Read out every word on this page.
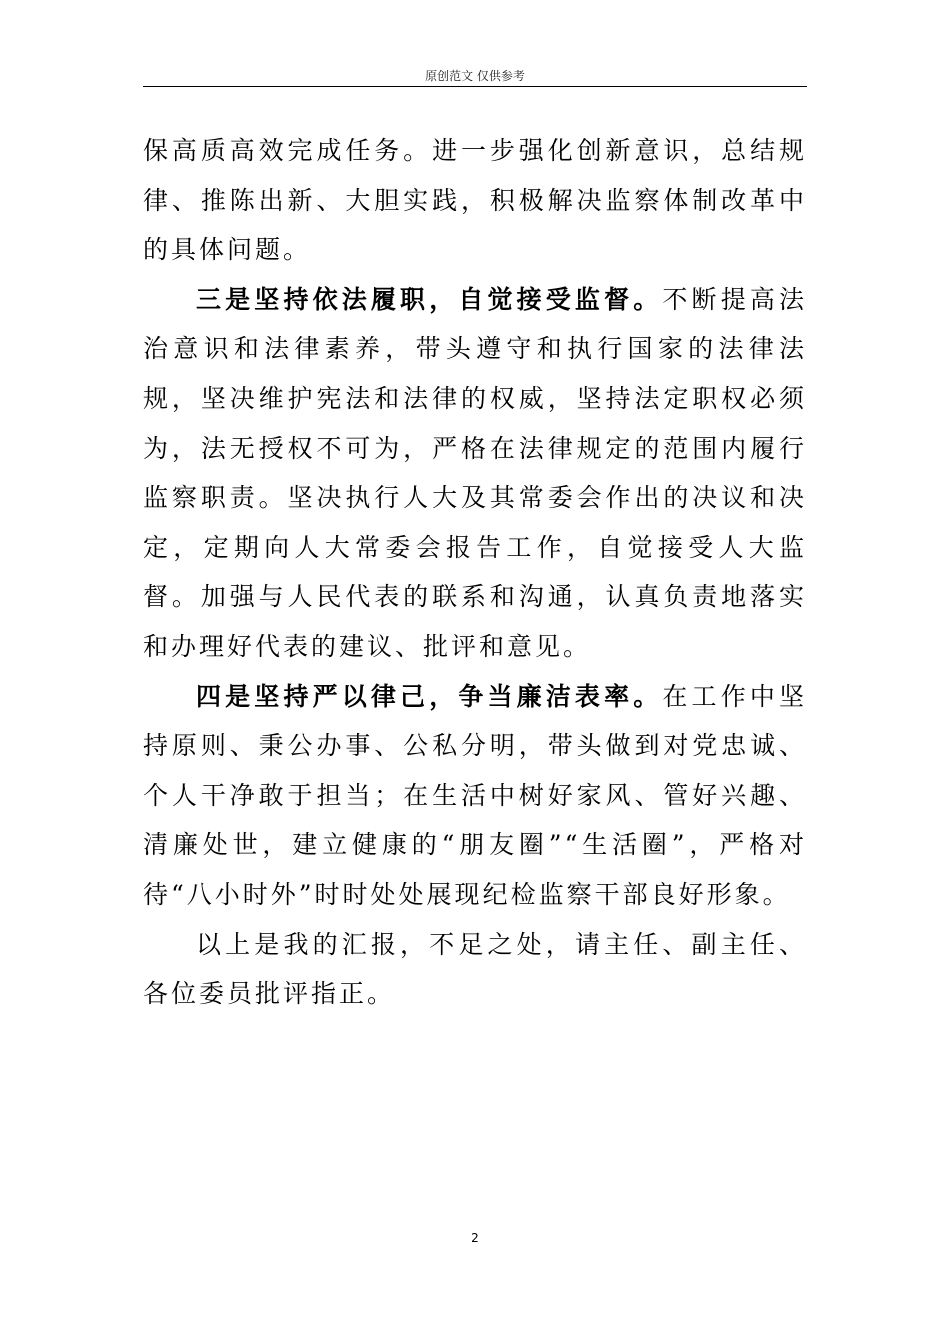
原创范文 仅供参考

保高质高效完成任务。进一步强化创新意识，总结规律、推陈出新、大胆实践，积极解决监察体制改革中的具体问题。

三是坚持依法履职，自觉接受监督。不断提高法治意识和法律素养，带头遵守和执行国家的法律法规，坚决维护宪法和法律的权威，坚持法定职权必须为，法无授权不可为，严格在法律规定的范围内履行监察职责。坚决执行人大及其常委会作出的决议和决定，定期向人大常委会报告工作，自觉接受人大监督。加强与人民代表的联系和沟通，认真负责地落实和办理好代表的建议、批评和意见。

四是坚持严以律己，争当廉洁表率。在工作中坚持原则、秉公办事、公私分明，带头做到对党忠诚、个人干净敢于担当；在生活中树好家风、管好兴趣、清廉处世，建立健康的“朋友圈”“生活圈”，严格对待“八小时外”时时处处展现纪检监察干部良好形象。

以上是我的汇报，不足之处，请主任、副主任、各位委员批评指正。

2
